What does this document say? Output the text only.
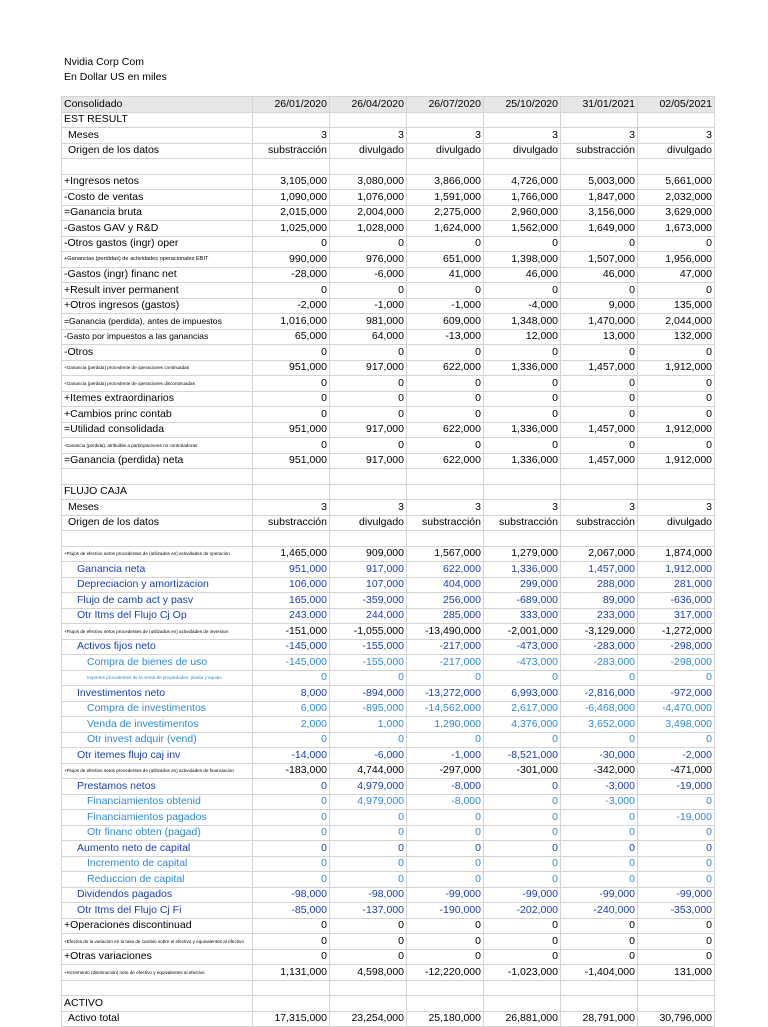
Nvidia Corp Com
En Dollar US en miles
Consolidado	26/01/2020	26/04/2020	26/07/2020	25/10/2020	31/01/2021	02/05/2021
EST RESULT						
Meses	3	3	3	3	3	3
Origen de los datos	substracción	divulgado	divulgado	divulgado	substracción	divulgado

+Ingresos netos	3,105,000	3,080,000	3,866,000	4,726,000	5,003,000	5,661,000
-Costo de ventas	1,090,000	1,076,000	1,591,000	1,766,000	1,847,000	2,032,000
=Ganancia bruta	2,015,000	2,004,000	2,275,000	2,960,000	3,156,000	3,629,000
-Gastos GAV y R&D	1,025,000	1,028,000	1,624,000	1,562,000	1,649,000	1,673,000
-Otros gastos (ingr) oper	0	0	0	0	0	0
+Ganancias (perdidas) de actividades operacionales EBIT	990,000	976,000	651,000	1,398,000	1,507,000	1,956,000
-Gastos (ingr) financ net	-28,000	-6,000	41,000	46,000	46,000	47,000
+Result inver permanent	0	0	0	0	0	0
+Otros ingresos (gastos)	-2,000	-1,000	-1,000	-4,000	9,000	135,000
=Ganancia (perdida), antes de impuestos	1,016,000	981,000	609,000	1,348,000	1,470,000	2,044,000
-Gasto por impuestos a las ganancias	65,000	64,000	-13,000	12,000	13,000	132,000
-Otros	0	0	0	0	0	0
+Ganancia (perdida) procedente de operaciones continuadas	951,000	917,000	622,000	1,336,000	1,457,000	1,912,000
+Ganancia (perdida) procedente de operaciones discontinuadas	0	0	0	0	0	0
+Itemes extraordinarios	0	0	0	0	0	0
+Cambios princ contab	0	0	0	0	0	0
=Utilidad consolidada	951,000	917,000	622,000	1,336,000	1,457,000	1,912,000
-Ganancia (perdida), atribuible a participaciones no controladoras	0	0	0	0	0	0
=Ganancia (perdida) neta	951,000	917,000	622,000	1,336,000	1,457,000	1,912,000

FLUJO CAJA						
Meses	3	3	3	3	3	3
Origen de los datos	substracción	divulgado	substracción	substracción	substracción	divulgado

+Flujos de efectivo netos procedentes de (utilizados en) actividades de operacion	1,465,000	909,000	1,567,000	1,279,000	2,067,000	1,874,000
Ganancia neta	951,000	917,000	622,000	1,336,000	1,457,000	1,912,000
Depreciacion y amortizacion	106,000	107,000	404,000	299,000	288,000	281,000
Flujo de camb act y pasv	165,000	-359,000	256,000	-689,000	89,000	-636,000
Otr Itms del Flujo Cj Op	243,000	244,000	285,000	333,000	233,000	317,000
+Flujos de efectivo netos procedentes de (utilizados en) actividades de inversion	-151,000	-1,055,000	-13,490,000	-2,001,000	-3,129,000	-1,272,000
Activos fijos neto	-145,000	-155,000	-217,000	-473,000	-283,000	-298,000
Compra de bienes de uso	-145,000	-155,000	-217,000	-473,000	-283,000	-298,000
Importes procedentes de la venta de propiedades, planta y equipo	0	0	0	0	0	0
Investimentos neto	8,000	-894,000	-13,272,000	6,993,000	-2,816,000	-972,000
Compra de investimentos	6,000	-895,000	-14,562,000	2,617,000	-6,468,000	-4,470,000
Venda de investimentos	2,000	1,000	1,290,000	4,376,000	3,652,000	3,498,000
Otr invest adquir (vend)	0	0	0	0	0	0
Otr itemes flujo caj inv	-14,000	-6,000	-1,000	-8,521,000	-30,000	-2,000
+Flujos de efectivo netos procedentes de (utilizados en) actividades de financiacion	-183,000	4,744,000	-297,000	-301,000	-342,000	-471,000
Prestamos netos	0	4,979,000	-8,000	0	-3,000	-19,000
Financiamientos obtenid	0	4,979,000	-8,000	0	-3,000	0
Financiamientos pagados	0	0	0	0	0	-19,000
Otr financ obten (pagad)	0	0	0	0	0	0
Aumento neto de capital	0	0	0	0	0	0
Incremento de capital	0	0	0	0	0	0
Reduccion de capital	0	0	0	0	0	0
Dividendos pagados	-98,000	-98,000	-99,000	-99,000	-99,000	-99,000
Otr Itms del Flujo Cj Fi	-85,000	-137,000	-190,000	-202,000	-240,000	-353,000
+Operaciones discontinuad	0	0	0	0	0	0
+Efectos de la variación en la tasa de cambio sobre el efectivo y equivalentes al efectivo	0	0	0	0	0	0
+Otras variaciones	0	0	0	0	0	0
+Incremento (disminución) neto de efectivo y equivalentes al efectivo	1,131,000	4,598,000	-12,220,000	-1,023,000	-1,404,000	131,000

ACTIVO						
Activo total	17,315,000	23,254,000	25,180,000	26,881,000	28,791,000	30,796,000
